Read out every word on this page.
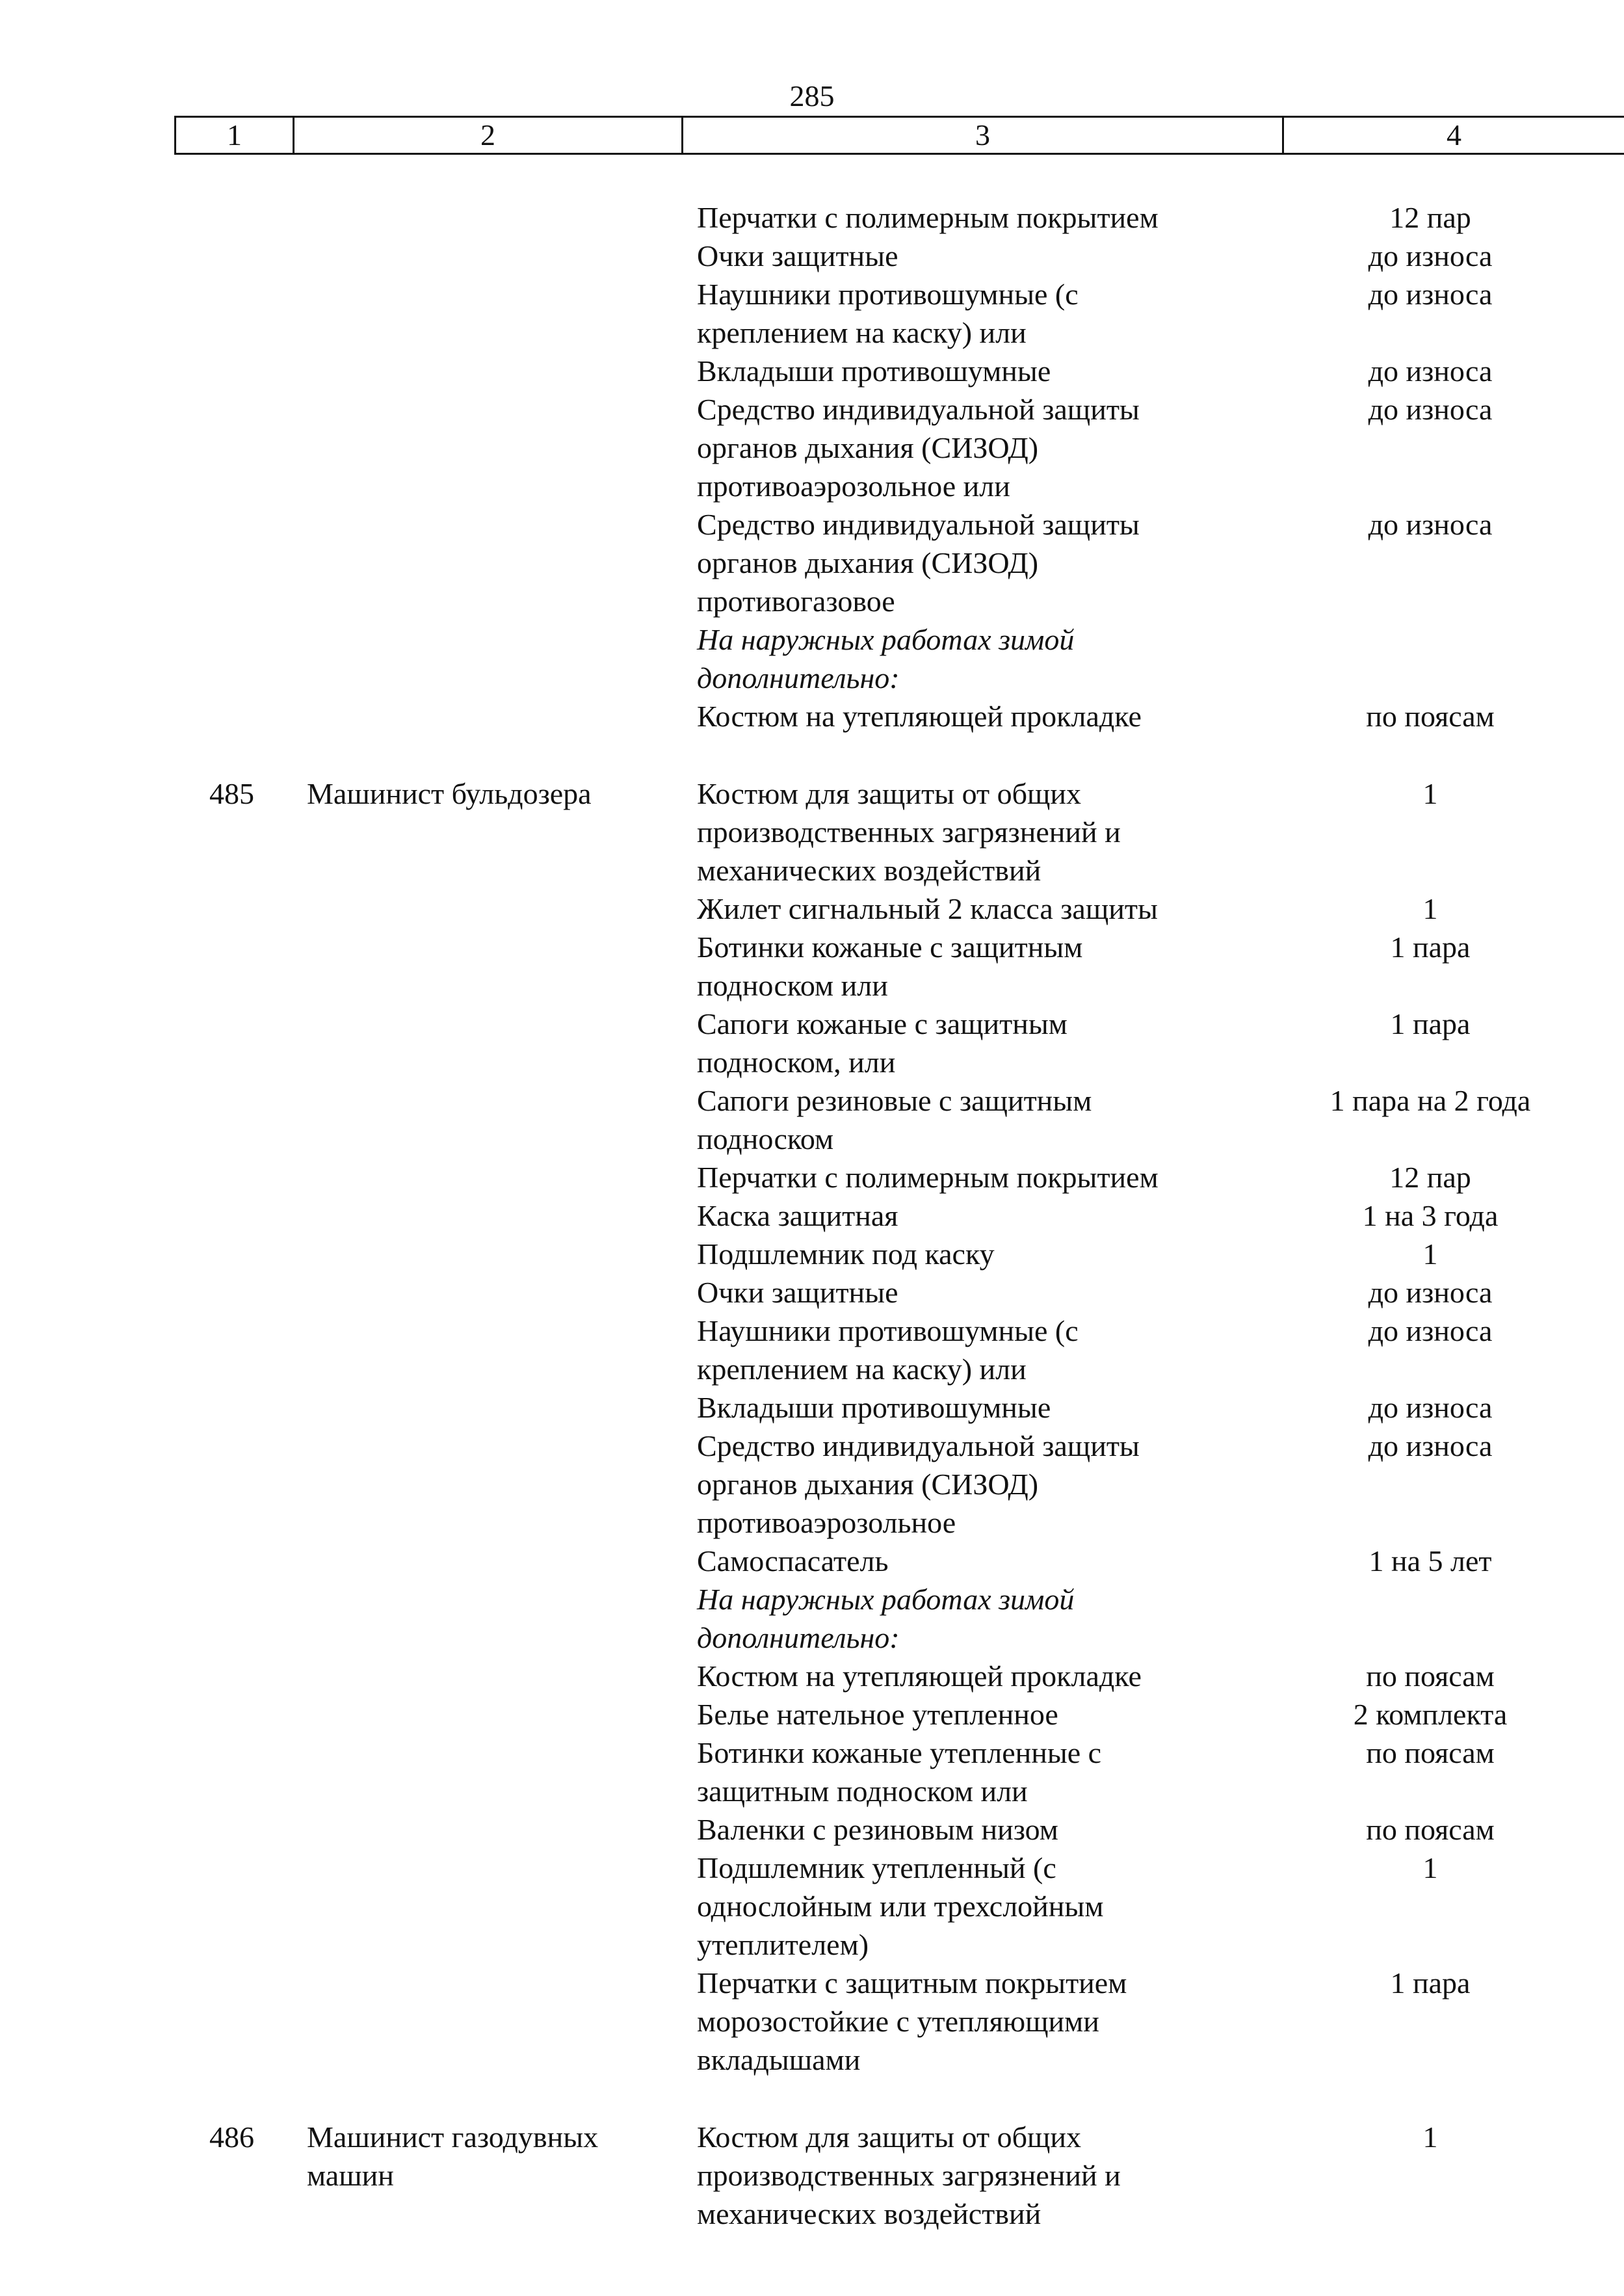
285
1	2	3	4
Перчатки с полимерным покрытием	12 пар
Очки защитные	до износа
Наушники противошумные (с	до износа
креплением на каску) или
Вкладыши противошумные	до износа
Средство индивидуальной защиты	до износа
органов дыхания (СИЗОД)
противоаэрозольное или
Средство индивидуальной защиты	до износа
органов дыхания (СИЗОД)
противогазовое
На наружных работах зимой
дополнительно:
Костюм на утепляющей прокладке	по поясам
485 Машинист бульдозера	Костюм для защиты от общих	1
производственных загрязнений и
механических воздействий
Жилет сигнальный 2 класса защиты	1
Ботинки кожаные с защитным	1 пара
подноском или
Сапоги кожаные с защитным	1 пара
подноском, или
Сапоги резиновые с защитным	1 пара на 2 года
подноском
Перчатки с полимерным покрытием	12 пар
Каска защитная	1 на 3 года
Подшлемник под каску	1
Очки защитные	до износа
Наушники противошумные (с	до износа
креплением на каску) или
Вкладыши противошумные	до износа
Средство индивидуальной защиты	до износа
органов дыхания (СИЗОД)
противоаэрозольное
Самоспасатель	1 на 5 лет
На наружных работах зимой
дополнительно:
Костюм на утепляющей прокладке	по поясам
Белье нательное утепленное	2 комплекта
Ботинки кожаные утепленные с	по поясам
защитным подноском или
Валенки с резиновым низом	по поясам
Подшлемник утепленный (с	1
однослойным или трехслойным
утеплителем)
Перчатки с защитным покрытием	1 пара
морозостойкие с утепляющими
вкладышами
486 Машинист газодувных	Костюм для защиты от общих	1
машин	производственных загрязнений и
механических воздействий
